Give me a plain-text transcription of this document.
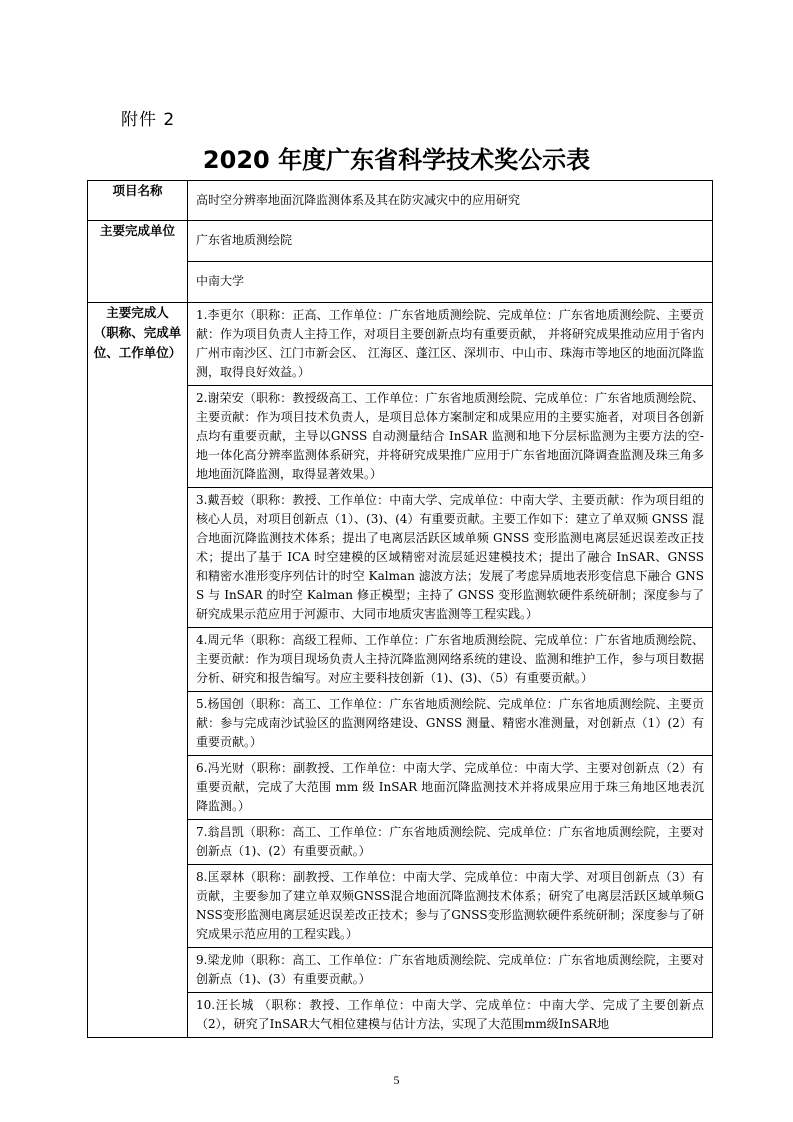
附件 2
2020 年度广东省科学技术奖公示表
项目名称	高时空分辨率地面沉降监测体系及其在防灾减灾中的应用研究
主要完成单位	广东省地质测绘院
	中南大学

主要完成人
（职称、完成单
位、工作单位）	1.李更尔（职称：正高、工作单位：广东省地质测绘院、完成单位：广东省地质测绘院、主要贡献：作为项目负责人主持工作，对项目主要创新点均有重要贡献， 并将研究成果推动应用于省内广州市南沙区、江门市新会区、 江海区、蓬江区、深圳市、中山市、珠海市等地区的地面沉降监测，取得良好效益。）
	2.谢荣安（职称：教授级高工、工作单位：广东省地质测绘院、完成单位：广东省地质测绘院、主要贡献：作为项目技术负责人，是项目总体方案制定和成果应用的主要实施者，对项目各创新点均有重要贡献，主导以GNSS 自动测量结合 InSAR 监测和地下分层标监测为主要方法的空-地一体化高分辨率监测体系研究，并将研究成果推广应用于广东省地面沉降调查监测及珠三角多地地面沉降监测，取得显著效果。）
	3.戴吾蛟（职称：教授、工作单位：中南大学、完成单位：中南大学、主要贡献：作为项目组的核心人员，对项目创新点（1）、(3)、(4）有重要贡献。主要工作如下：建立了单双频 GNSS 混合地面沉降监测技术体系；提出了电离层活跃区域单频 GNSS 变形监测电离层延迟误差改正技术；提出了基于 ICA 时空建模的区域精密对流层延迟建模技术；提出了融合 InSAR、GNSS 和精密水准形变序列估计的时空 Kalman 滤波方法；发展了考虑异质地表形变信息下融合 GNSS 与 InSAR 的时空 Kalman 修正模型；主持了 GNSS 变形监测软硬件系统研制；深度参与了研究成果示范应用于河源市、大同市地质灾害监测等工程实践。）
	4.周元华（职称：高级工程师、工作单位：广东省地质测绘院、完成单位：广东省地质测绘院、主要贡献：作为项目现场负责人主持沉降监测网络系统的建设、监测和维护工作，参与项目数据分析、研究和报告编写。对应主要科技创新（1)、(3)、（5）有重要贡献。）
	5.杨国创（职称：高工、工作单位：广东省地质测绘院、完成单位：广东省地质测绘院、主要贡献：参与完成南沙试验区的监测网络建设、GNSS 测量、精密水准测量，对创新点（1）(2）有重要贡献。）
	6.冯光财（职称：副教授、工作单位：中南大学、完成单位：中南大学、主要对创新点（2）有重要贡献，完成了大范围 mm 级 InSAR 地面沉降监测技术并将成果应用于珠三角地区地表沉降监测。）
	7.翁昌凯（职称：高工、工作单位：广东省地质测绘院、完成单位：广东省地质测绘院，主要对创新点（1)、(2）有重要贡献。）
	8.匡翠林（职称：副教授、工作单位：中南大学、完成单位：中南大学、对项目创新点（3）有贡献，主要参加了建立单双频GNSS混合地面沉降监测技术体系；研究了电离层活跃区域单频GNSS变形监测电离层延迟误差改正技术；参与了GNSS变形监测软硬件系统研制；深度参与了研究成果示范应用的工程实践。）
	9.梁龙帅（职称：高工、工作单位：广东省地质测绘院、完成单位：广东省地质测绘院，主要对创新点（1)、(3）有重要贡献。）
	10.汪长城 （职称：教授、工作单位：中南大学、完成单位：中南大学、完成了主要创新点（2），研究了InSAR大气相位建模与估计方法，实现了大范围mm级InSAR地
5
